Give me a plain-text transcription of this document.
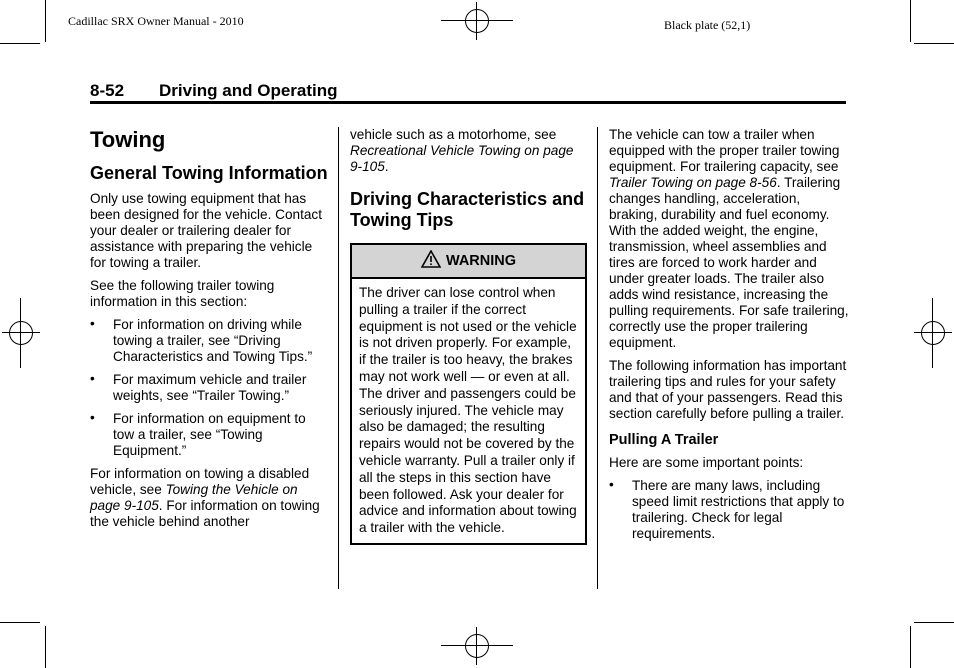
Cadillac SRX Owner Manual - 2010	Black plate (52,1)
8-52 Driving and Operating
Towing
General Towing Information

Only use towing equipment that has been designed for the vehicle. Contact your dealer or trailering dealer for assistance with preparing the vehicle for towing a trailer.

See the following trailer towing information in this section:

• For information on driving while towing a trailer, see “Driving Characteristics and Towing Tips.”
• For maximum vehicle and trailer weights, see “Trailer Towing.”
• For information on equipment to tow a trailer, see “Towing Equipment.”

For information on towing a disabled vehicle, see Towing the Vehicle on page 9‑105. For information on towing the vehicle behind another

vehicle such as a motorhome, see Recreational Vehicle Towing on page 9‑105.

Driving Characteristics and Towing Tips
WARNING
The driver can lose control when pulling a trailer if the correct equipment is not used or the vehicle is not driven properly. For example, if the trailer is too heavy, the brakes may not work well — or even at all. The driver and passengers could be seriously injured. The vehicle may also be damaged; the resulting repairs would not be covered by the vehicle warranty. Pull a trailer only if all the steps in this section have been followed. Ask your dealer for advice and information about towing a trailer with the vehicle.

The vehicle can tow a trailer when equipped with the proper trailer towing equipment. For trailering capacity, see Trailer Towing on page 8‑56. Trailering changes handling, acceleration, braking, durability and fuel economy. With the added weight, the engine, transmission, wheel assemblies and tires are forced to work harder and under greater loads. The trailer also adds wind resistance, increasing the pulling requirements. For safe trailering, correctly use the proper trailering equipment.

The following information has important trailering tips and rules for your safety and that of your passengers. Read this section carefully before pulling a trailer.

Pulling A Trailer

Here are some important points:

• There are many laws, including speed limit restrictions that apply to trailering. Check for legal requirements.
